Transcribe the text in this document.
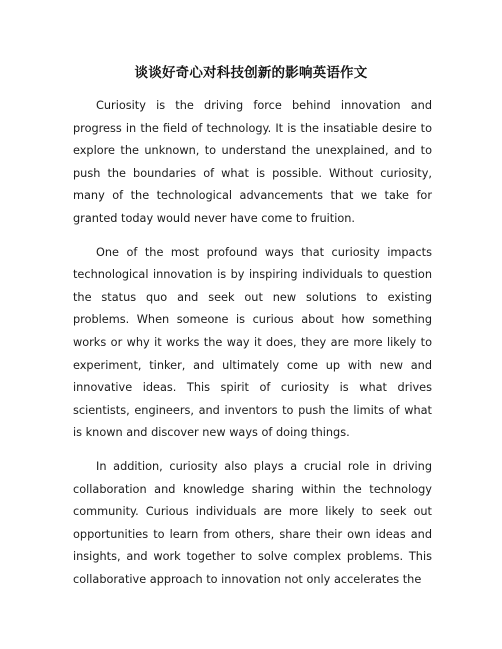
谈谈好奇心对科技创新的影响英语作文

Curiosity is the driving force behind innovation and progress in the field of technology. It is the insatiable desire to explore the unknown, to understand the unexplained, and to push the boundaries of what is possible. Without curiosity, many of the technological advancements that we take for granted today would never have come to fruition.

One of the most profound ways that curiosity impacts technological innovation is by inspiring individuals to question the status quo and seek out new solutions to existing problems. When someone is curious about how something works or why it works the way it does, they are more likely to experiment, tinker, and ultimately come up with new and innovative ideas. This spirit of curiosity is what drives scientists, engineers, and inventors to push the limits of what is known and discover new ways of doing things.

In addition, curiosity also plays a crucial role in driving collaboration and knowledge sharing within the technology community. Curious individuals are more likely to seek out opportunities to learn from others, share their own ideas and insights, and work together to solve complex problems. This collaborative approach to innovation not only accelerates the
